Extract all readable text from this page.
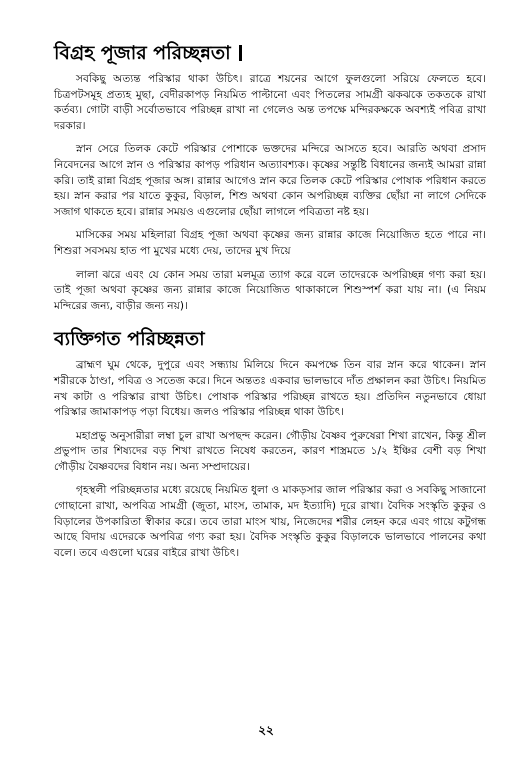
বিগ্রহ পূজার পরিচ্ছন্নতা

সবকিছু অত্যন্ত পরিস্কার থাকা উচিৎ। রাত্রে শয়নের আগে ফুলগুলো সরিয়ে ফেলতে হবে। চিত্রপটসমূহ প্রত্যহ মুছা, বেদীরকাপড় নিয়মিত পাল্টানো এবং পিতলের সামগ্রী ঝকঝকে তকতকে রাখা কর্তব্য। গোটা বাড়ী সর্বোতভাবে পরিচ্ছন্ন রাখা না গেলেও অন্ত তপক্ষে মন্দিরকক্ষকে অবশ্যই পবিত্র রাখা দরকার।

স্নান সেরে তিলক কেটে পরিস্কার পোশাকে ভক্তদের মন্দিরে আসতে হবে। আরতি অথবা প্রসাদ নিবেদনের আগে স্নান ও পরিস্কার কাপড় পরিধান অত্যাবশ্যক। কৃষ্ণের সন্তুষ্টি বিধানের জন্যই আমরা রান্না করি। তাই রান্না বিগ্রহ পূজার অঙ্গ। রান্নার আগেও স্নান করে তিলক কেটে পরিস্কার পোষাক পরিধান করতে হয়। স্নান করার পর যাতে কুকুর, বিড়াল, শিশু অথবা কোন অপরিচ্ছন্ন ব্যক্তির ছোঁয়া না লাগে সেদিকে সজাগ থাকতে হবে। রান্নার সময়ও এগুলোর ছোঁয়া লাগলে পবিত্রতা নষ্ট হয়।

মাসিকের সময় মহিলারা বিগ্রহ পূজা অথবা কৃষ্ণের জন্য রান্নার কাজে নিয়োজিত হতে পারে না। শিশুরা সবসময় হাত পা মুখের মধ্যে দেয়, তাদের মুখ দিয়ে

লালা ঝরে এবং যে কোন সময় তারা মলমূত্র ত্যাগ করে বলে তাদেরকে অপরিচ্ছন্ন গণ্য করা হয়। তাই পূজা অথবা কৃষ্ণের জন্য রান্নার কাজে নিয়োজিত থাকাকালে শিশুস্পর্শ করা যায় না। (এ নিয়ম মন্দিরের জন্য, বাড়ীর জন্য নয়)।

ব্যক্তিগত পরিচ্ছন্নতা

ব্রাহ্মণ ঘুম থেকে, দুপুরে এবং সন্ধ্যায় মিলিয়ে দিনে কমপক্ষে তিন বার স্নান করে থাকেন। স্নান শরীরকে ঠাণ্ডা, পবিত্র ও সতেজ করে। দিনে অন্ততঃ একবার ভালভাবে দাঁত প্রক্ষালন করা উচিৎ। নিয়মিত নখ কাটা ও পরিস্কার রাখা উচিৎ। পোষাক পরিস্কার পরিচ্ছন্ন রাখতে হয়। প্রতিদিন নতুনভাবে ধোয়া পরিস্কার জামাকাপড় পড়া বিধেয়। জলও পরিস্কার পরিচ্ছন্ন থাকা উচিৎ।

মহাপ্রভু অনুসারীরা লম্বা চুল রাখা অপছন্দ করেন। গৌড়ীয় বৈষ্ণব পুরুষেরা শিখা রাখেন, কিন্তু শ্রীল প্রভুপাদ তার শিষ্যদের বড় শিখা রাখতে নিষেধ করতেন, কারণ শাস্ত্রমতে ১/২ ইঞ্চির বেশী বড় শিখা গৌড়ীয় বৈষ্ণবদের বিধান নয়। অন্য সম্প্রদায়ের।

গৃহস্থলী পরিচ্ছন্নতার মধ্যে রয়েছে নিয়মিত ধুলা ও মাকড়সার জাল পরিস্কার করা ও সবকিছু সাজানো গোছানো রাখা, অপবিত্র সামগ্রী (জুতা, মাংস, তামাক, মদ ইত্যাদি) দূরে রাখা। বৈদিক সংস্কৃতি কুকুর ও বিড়ালের উপকারিতা স্বীকার করে। তবে তারা মাংস খায়, নিজেদের শরীর লেহন করে এবং গায়ে কটুগন্ধ আছে বিদায় এদেরকে অপবিত্র গণ্য করা হয়। বৈদিক সংস্কৃতি কুকুর বিড়ালকে ভালভাবে পালনের কথা বলে। তবে এগুলো ঘরের বাইরে রাখা উচিৎ।

২২
